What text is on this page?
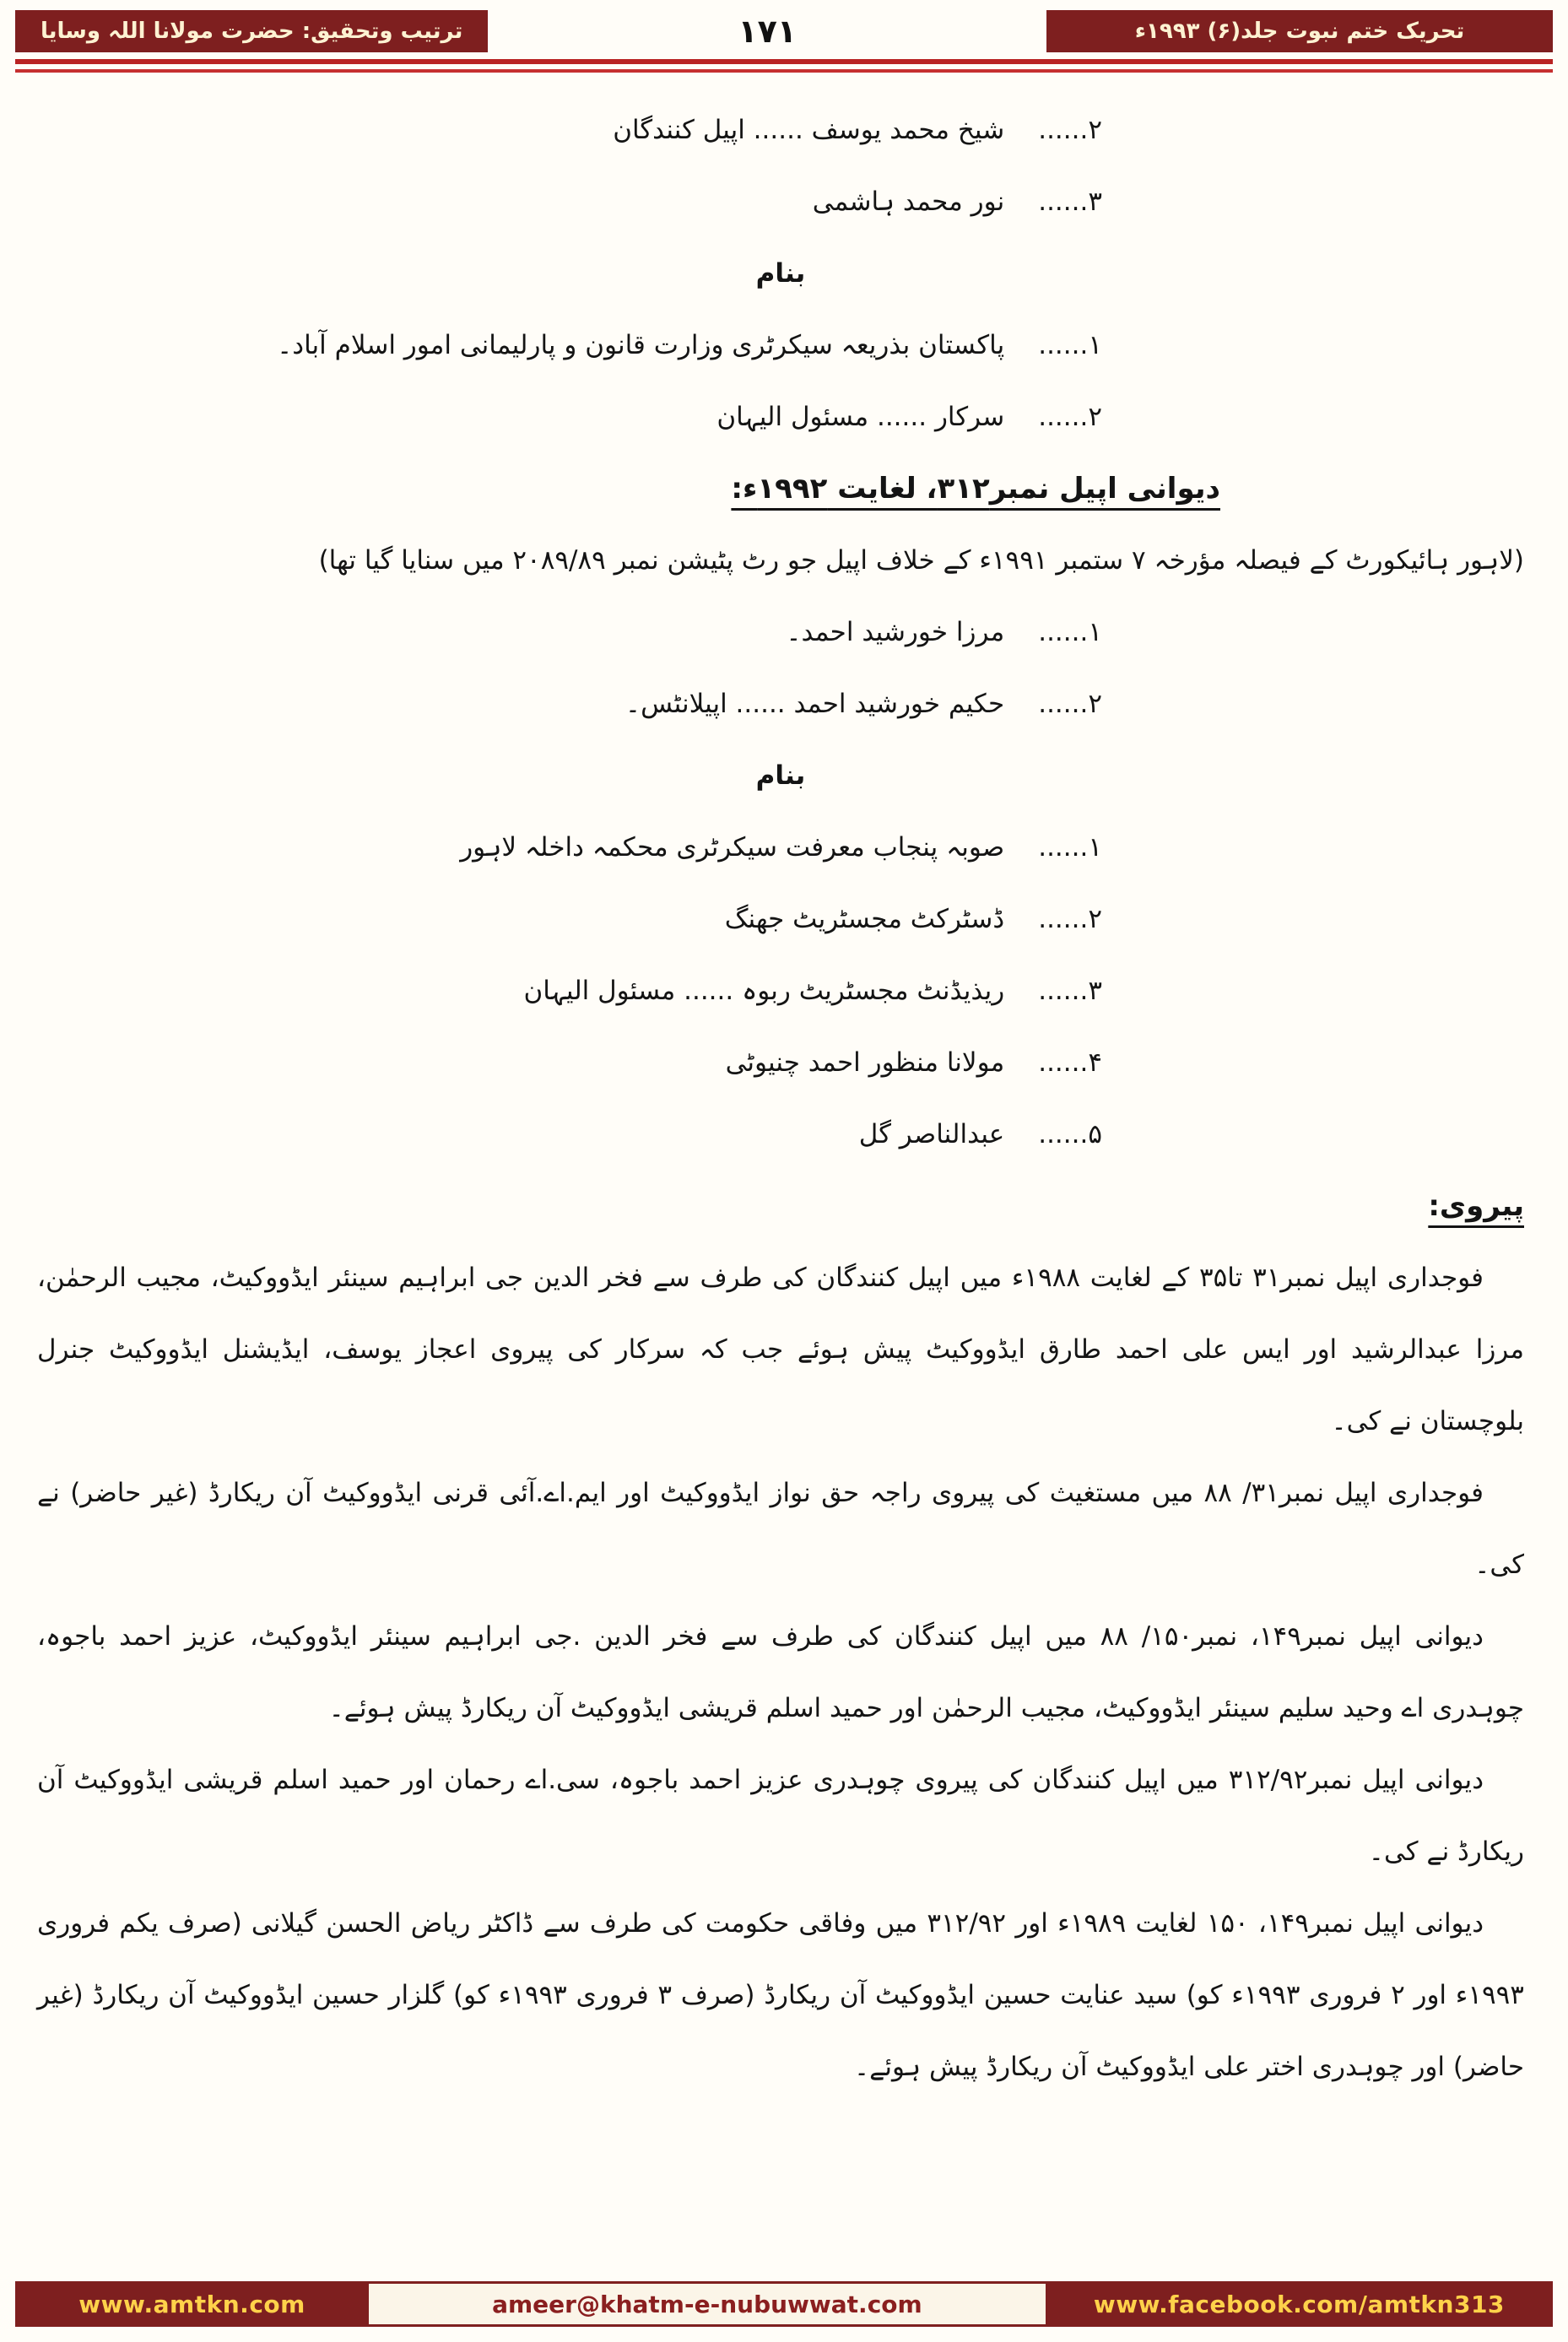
تحریک ختم نبوت جلد(۶) ۱۹۹۳ء
۱۷۱
ترتیب وتحقیق: حضرت مولانا اللہ وسایا
۲......
شیخ محمد یوسف ...... اپیل کنندگان
۳......
نور محمد ہاشمی
بنام
۱......
پاکستان بذریعہ سیکرٹری وزارت قانون و پارلیمانی امور اسلام آباد۔
۲......
سرکار ...... مسئول الیہان
دیوانی اپیل نمبر۳۱۲، لغایت ۱۹۹۲ء:
(لاہور ہائیکورٹ کے فیصلہ مؤرخہ ۷ ستمبر ۱۹۹۱ء کے خلاف اپیل جو رٹ پٹیشن نمبر ۲۰۸۹/۸۹ میں سنایا گیا تھا)
۱......
مرزا خورشید احمد۔
۲......
حکیم خورشید احمد ...... اپیلانٹس۔
بنام
۱......
صوبہ پنجاب معرفت سیکرٹری محکمہ داخلہ لاہور
۲......
ڈسٹرکٹ مجسٹریٹ جھنگ
۳......
ریذیڈنٹ مجسٹریٹ ربوہ ...... مسئول الیہان
۴......
مولانا منظور احمد چنیوٹی
۵......
عبدالناصر گل
پیروی:
فوجداری اپیل نمبر۳۱ تا۳۵ کے لغایت ۱۹۸۸ء میں اپیل کنندگان کی طرف سے فخر الدین جی ابراہیم سینئر ایڈووکیٹ، مجیب الرحمٰن، مرزا عبدالرشید اور ایس علی احمد طارق ایڈووکیٹ پیش ہوئے جب کہ سرکار کی پیروی اعجاز یوسف، ایڈیشنل ایڈووکیٹ جنرل بلوچستان نے کی۔
فوجداری اپیل نمبر۳۱/ ۸۸ میں مستغیث کی پیروی راجہ حق نواز ایڈووکیٹ اور ایم.اے.آئی قرنی ایڈووکیٹ آن ریکارڈ (غیر حاضر) نے کی۔
دیوانی اپیل نمبر۱۴۹، نمبر۱۵۰/ ۸۸ میں اپیل کنندگان کی طرف سے فخر الدین .جی ابراہیم سینئر ایڈووکیٹ، عزیز احمد باجوہ، چوہدری اے وحید سلیم سینئر ایڈووکیٹ، مجیب الرحمٰن اور حمید اسلم قریشی ایڈووکیٹ آن ریکارڈ پیش ہوئے۔
دیوانی اپیل نمبر۳۱۲/۹۲ میں اپیل کنندگان کی پیروی چوہدری عزیز احمد باجوہ، سی.اے رحمان اور حمید اسلم قریشی ایڈووکیٹ آن ریکارڈ نے کی۔
دیوانی اپیل نمبر۱۴۹، ۱۵۰ لغایت ۱۹۸۹ء اور ۳۱۲/۹۲ میں وفاقی حکومت کی طرف سے ڈاکٹر ریاض الحسن گیلانی (صرف یکم فروری ۱۹۹۳ء اور ۲ فروری ۱۹۹۳ء کو) سید عنایت حسین ایڈووکیٹ آن ریکارڈ (صرف ۳ فروری ۱۹۹۳ء کو) گلزار حسین ایڈووکیٹ آن ریکارڈ (غیر حاضر) اور چوہدری اختر علی ایڈووکیٹ آن ریکارڈ پیش ہوئے۔
www.amtkn.com	ameer@khatm-e-nubuwwat.com	www.facebook.com/amtkn313
